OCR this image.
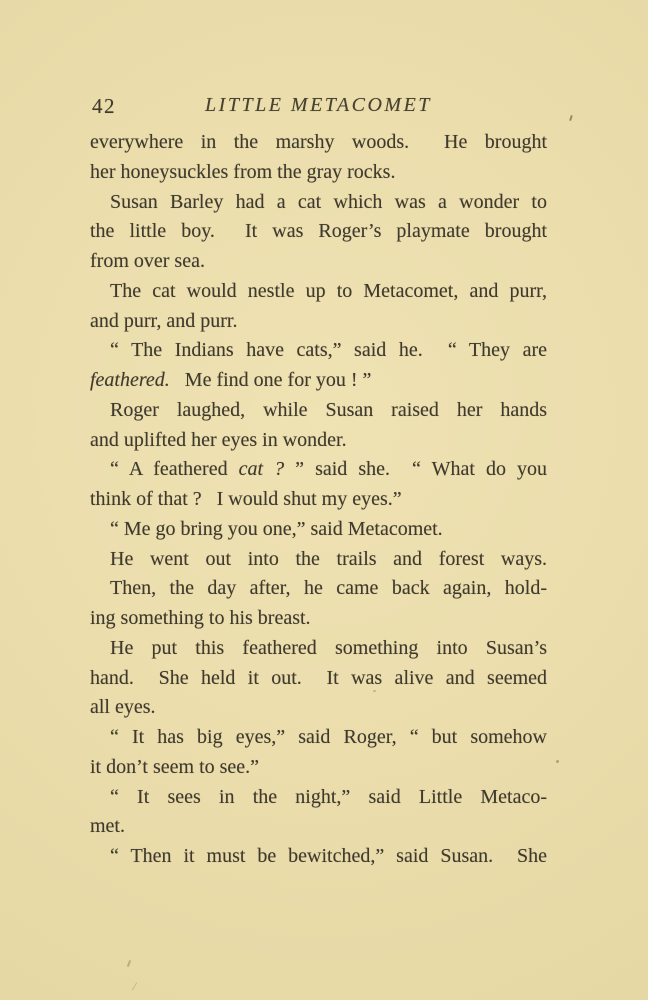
42	LITTLE METACOMET
everywhere in the marshy woods.  He brought
her honeysuckles from the gray rocks.
Susan Barley had a cat which was a wonder to
the little boy.  It was Roger’s playmate brought
from over sea.
The cat would nestle up to Metacomet, and purr,
and purr, and purr.
“ The Indians have cats,” said he.  “ They are
feathered.   Me find one for you ! ”
Roger laughed, while Susan raised her hands
and uplifted her eyes in wonder.
“ A feathered cat ? ” said she.  “ What do you
think of that ?   I would shut my eyes.”
“ Me go bring you one,” said Metacomet.
He went out into the trails and forest ways.
Then, the day after, he came back again, hold-
ing something to his breast.
He put this feathered something into Susan’s
hand.  She held it out.  It was alive and seemed
all eyes.
“ It has big eyes,” said Roger, “ but somehow
it don’t seem to see.”
“ It sees in the night,” said Little Metaco-
met.
“ Then it must be bewitched,” said Susan.  She
